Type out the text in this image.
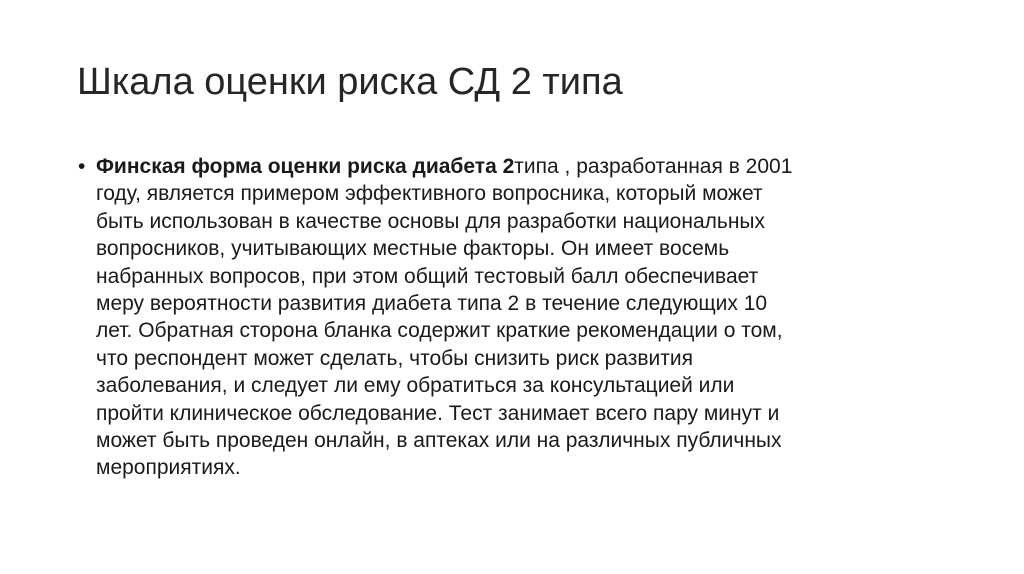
Шкала оценки риска СД 2 типа
• Финская форма оценки риска диабета 2типа , разработанная в 2001
году, является примером эффективного вопросника, который может
быть использован в качестве основы для разработки национальных
вопросников, учитывающих местные факторы. Он имеет восемь
набранных вопросов, при этом общий тестовый балл обеспечивает
меру вероятности развития диабета типа 2 в течение следующих 10
лет. Обратная сторона бланка содержит краткие рекомендации о том,
что респондент может сделать, чтобы снизить риск развития
заболевания, и следует ли ему обратиться за консультацией или
пройти клиническое обследование. Тест занимает всего пару минут и
может быть проведен онлайн, в аптеках или на различных публичных
мероприятиях.
